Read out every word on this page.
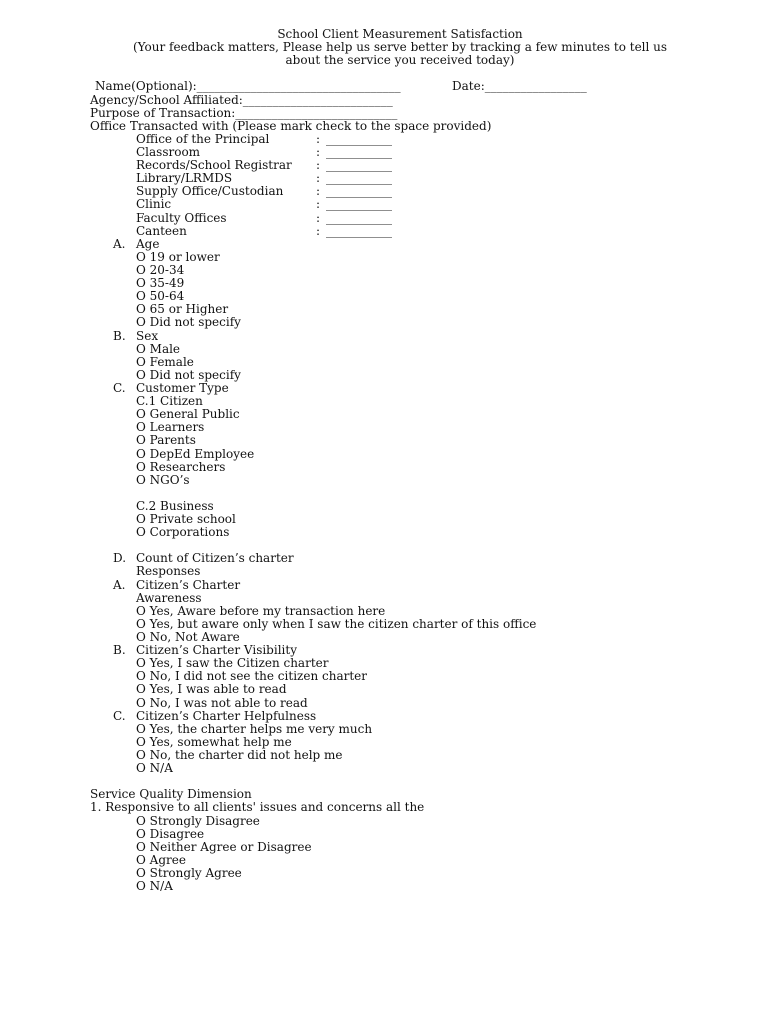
School Client Measurement Satisfaction
(Your feedback matters, Please help us serve better by tracking a few minutes to tell us
about the service you received today)
Name(Optional):__________________________________	Date:_________________
Agency/School Affiliated:_________________________
Purpose of Transaction:___________________________
Office Transacted with (Please mark check to the space provided)
Office of the Principal	: ___________
Classroom	: ___________
Records/School Registrar : ___________
Library/LRMDS	: ___________
Supply Office/Custodian	: ___________
Clinic	: ___________
Faculty Offices	: ___________
Canteen	: ___________
A. Age
O 19 or lower
O 20-34
O 35-49
O 50-64
O 65 or Higher
O Did not specify
B. Sex
O Male
O Female
O Did not specify
C. Customer Type
C.1 Citizen
O General Public
O Learners
O Parents
O DepEd Employee
O Researchers
O NGO’s
C.2 Business
O Private school
O Corporations
D. Count of Citizen’s charter
Responses
A. Citizen’s Charter
Awareness
O Yes, Aware before my transaction here
O Yes, but aware only when I saw the citizen charter of this office
O No, Not Aware
B. Citizen’s Charter Visibility
O Yes, I saw the Citizen charter
O No, I did not see the citizen charter
O Yes, I was able to read
O No, I was not able to read
C. Citizen’s Charter Helpfulness
O Yes, the charter helps me very much
O Yes, somewhat help me
O No, the charter did not help me
O N/A
Service Quality Dimension
1. Responsive to all clients' issues and concerns all the
O Strongly Disagree
O Disagree
O Neither Agree or Disagree
O Agree
O Strongly Agree
O N/A
